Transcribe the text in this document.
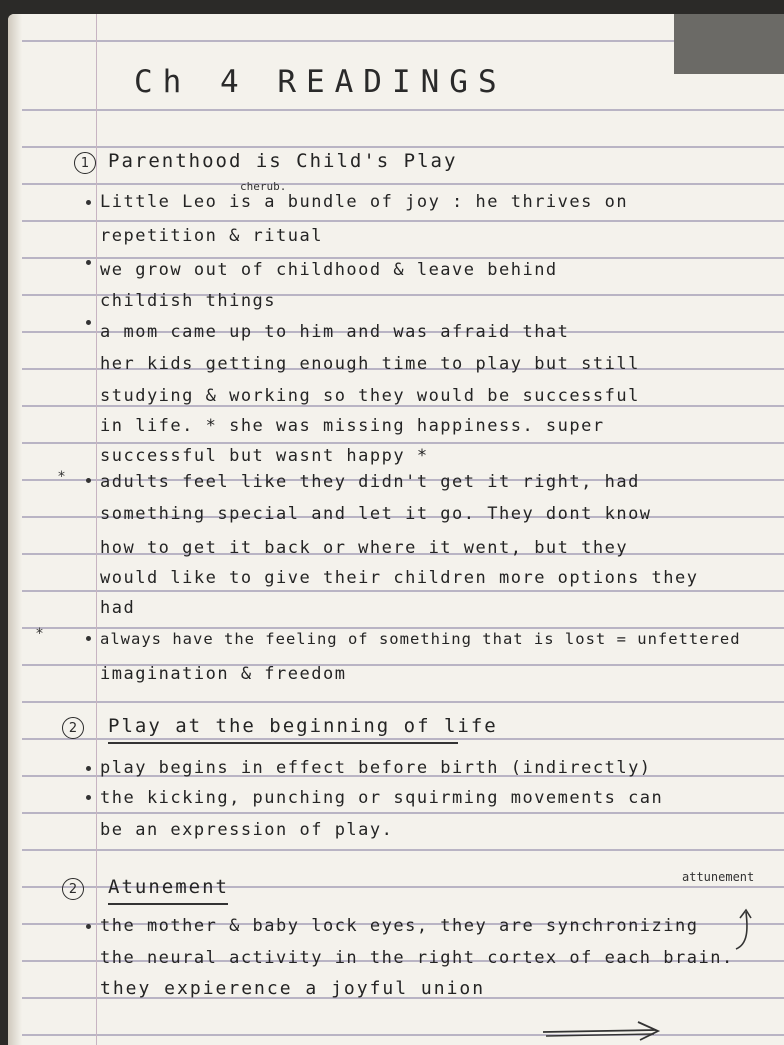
Ch 4 READINGS
1 Parenthood is Child's Play
cherub.
Little Leo is a bundle of joy : he thrives on
repetition & ritual
we grow out of childhood & leave behind
childish things
a mom came up to him and was afraid that
her kids getting enough time to play but still
studying & working so they would be successful
in life. * she was missing happiness. super
successful but wasnt happy *
* adults feel like they didn't get it right, had
something special and let it go. They dont know
how to get it back or where it went, but they
would like to give their children more options they
had
*	always have the feeling of something that is lost = unfettered
imagination & freedom
2	Play at the beginning of life
play begins in effect before birth (indirectly)
the kicking, punching or squirming movements can
be an expression of play.
attunement
2	Atunement
the mother & baby lock eyes, they are synchronizing
the neural activity in the right cortex of each brain.
they expierence a joyful union
